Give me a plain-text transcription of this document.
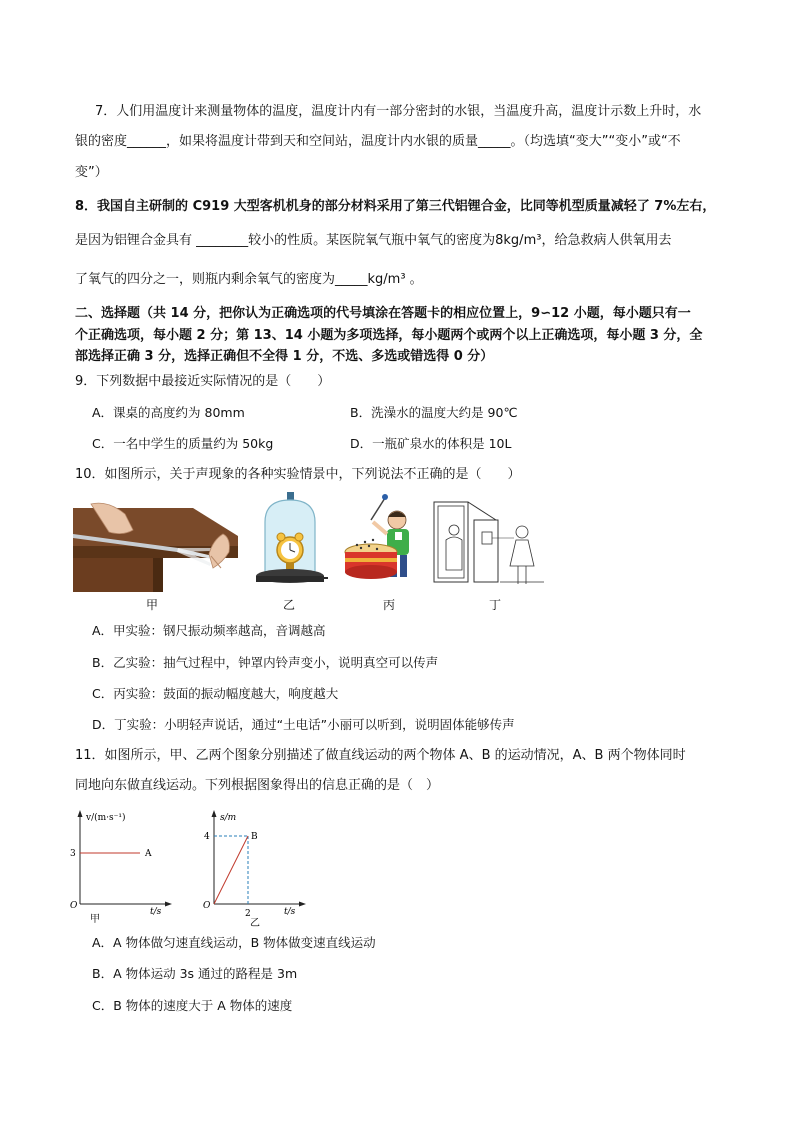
7．人们用温度计来测量物体的温度，温度计内有一部分密封的水银，当温度升高，温度计示数上升时，水
银的密度______，如果将温度计带到天和空间站，温度计内水银的质量_____。（均选填“变大”“变小”或“不
变”）
8．我国自主研制的 C919 大型客机机身的部分材料采用了第三代铝锂合金，比同等机型质量减轻了 7%左右，
是因为铝锂合金具有 ________较小的性质。某医院氧气瓶中氧气的密度为8kg/m³，给急救病人供氧用去
了氧气的四分之一，则瓶内剩余氧气的密度为_____kg/m³ 。
二、选择题（共 14 分，把你认为正确选项的代号填涂在答题卡的相应位置上，9∽12 小题，每小题只有一
个正确选项，每小题 2 分；第 13、14 小题为多项选择，每小题两个或两个以上正确选项，每小题 3 分，全
部选择正确 3 分，选择正确但不全得 1 分，不选、多选或错选得 0 分）
9．下列数据中最接近实际情况的是（　　）
A．课桌的高度约为 80mm	B．洗澡水的温度大约是 90℃
C．一名中学生的质量约为 50kg	D．一瓶矿泉水的体积是 10L
10．如图所示，关于声现象的各种实验情景中，下列说法不正确的是（　　）
甲	乙	丙	丁
A．甲实验：钢尺振动频率越高，音调越高
B．乙实验：抽气过程中，钟罩内铃声变小，说明真空可以传声
C．丙实验：鼓面的振动幅度越大，响度越大
D．丁实验：小明轻声说话，通过“土电话”小丽可以听到，说明固体能够传声
11．如图所示，甲、乙两个图象分别描述了做直线运动的两个物体 A、B 的运动情况，A、B 两个物体同时
同地向东做直线运动。下列根据图象得出的信息正确的是（　）
v/(m·s⁻¹)
3	A
O
t/s
甲
s/m
4	B
2
O
t/s
乙
A．A 物体做匀速直线运动，B 物体做变速直线运动
B．A 物体运动 3s 通过的路程是 3m
C．B 物体的速度大于 A 物体的速度
